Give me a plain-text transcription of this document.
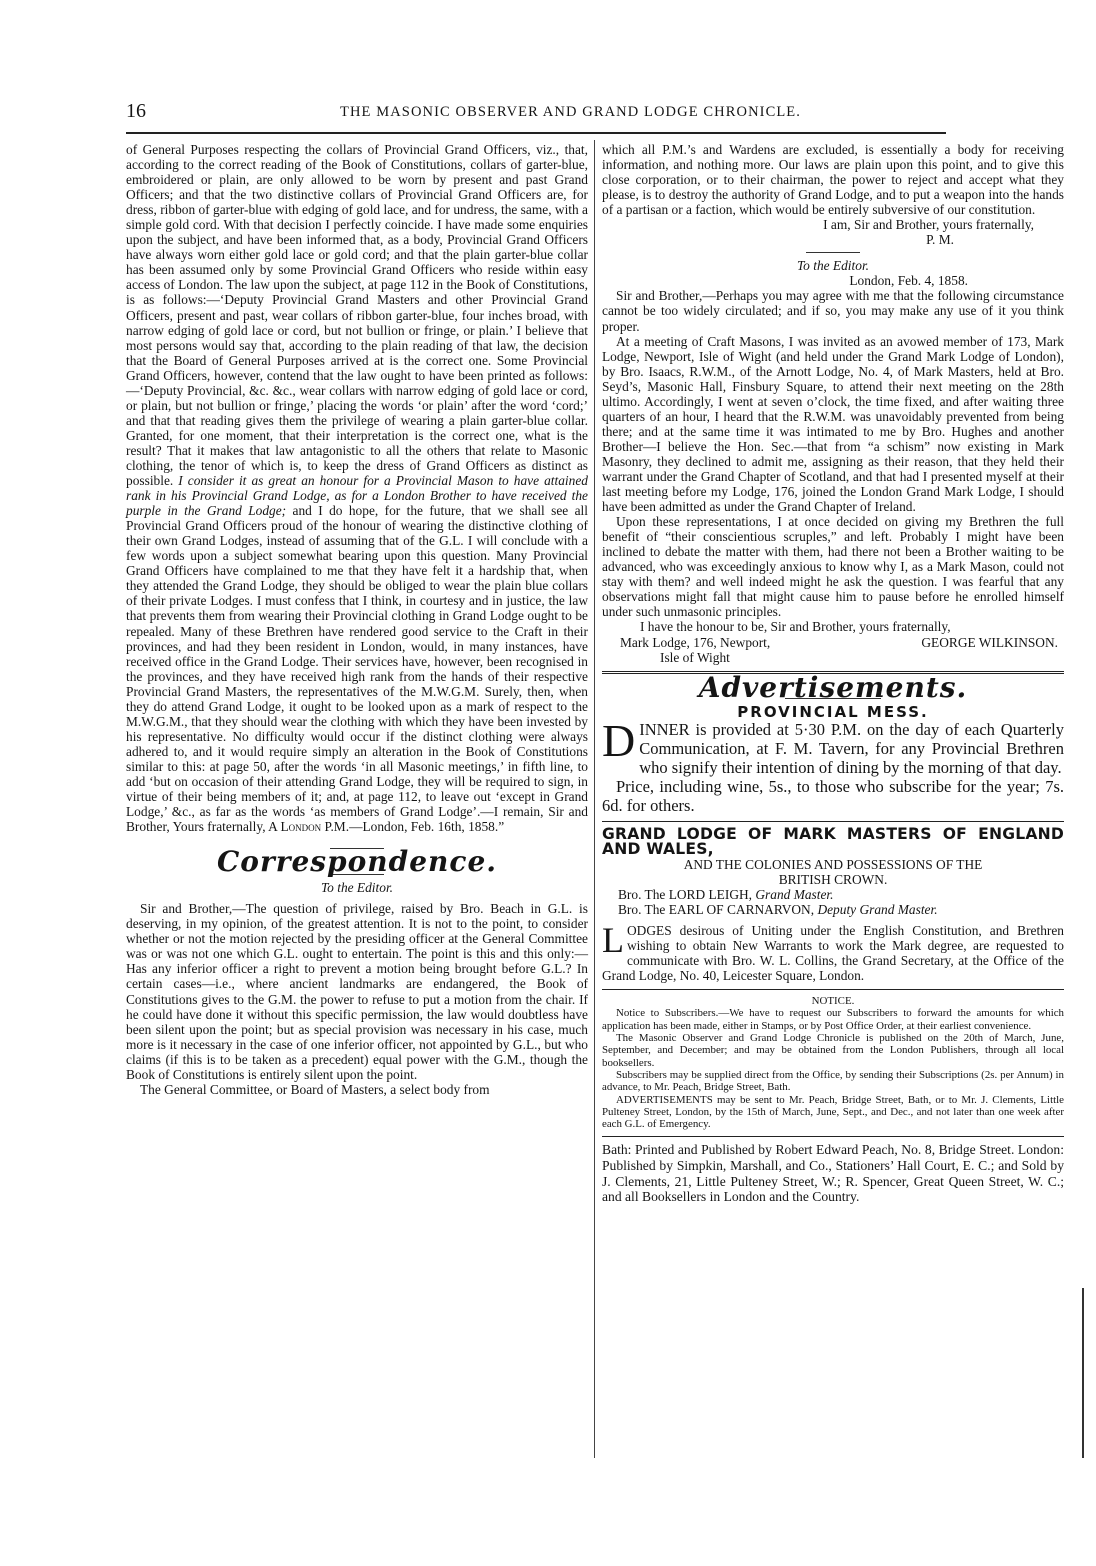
16	THE MASONIC OBSERVER AND GRAND LODGE CHRONICLE.

of General Purposes respecting the collars of Provincial Grand Officers, viz., that, according to the correct reading of the Book of Constitutions, collars of garter-blue, embroidered or plain, are only allowed to be worn by present and past Grand Officers; and that the two distinctive collars of Provincial Grand Officers are, for dress, ribbon of garter-blue with edging of gold lace, and for undress, the same, with a simple gold cord. With that decision I perfectly coincide. I have made some enquiries upon the subject, and have been informed that, as a body, Provincial Grand Officers have always worn either gold lace or gold cord; and that the plain garter-blue collar has been assumed only by some Provincial Grand Officers who reside within easy access of London. The law upon the subject, at page 112 in the Book of Constitutions, is as follows:—‘Deputy Provincial Grand Masters and other Provincial Grand Officers, present and past, wear collars of ribbon garter-blue, four inches broad, with narrow edging of gold lace or cord, but not bullion or fringe, or plain.’ I believe that most persons would say that, according to the plain reading of that law, the decision that the Board of General Purposes arrived at is the correct one. Some Provincial Grand Officers, however, contend that the law ought to have been printed as follows:—‘Deputy Provincial, &c. &c., wear collars with narrow edging of gold lace or cord, or plain, but not bullion or fringe,’ placing the words ‘or plain’ after the word ‘cord;’ and that that reading gives them the privilege of wearing a plain garter-blue collar. Granted, for one moment, that their interpretation is the correct one, what is the result? That it makes that law antagonistic to all the others that relate to Masonic clothing, the tenor of which is, to keep the dress of Grand Officers as distinct as possible. I consider it as great an honour for a Provincial Mason to have attained rank in his Provincial Grand Lodge, as for a London Brother to have received the purple in the Grand Lodge; and I do hope, for the future, that we shall see all Provincial Grand Officers proud of the honour of wearing the distinctive clothing of their own Grand Lodges, instead of assuming that of the G.L. I will conclude with a few words upon a subject somewhat bearing upon this question. Many Provincial Grand Officers have complained to me that they have felt it a hardship that, when they attended the Grand Lodge, they should be obliged to wear the plain blue collars of their private Lodges. I must confess that I think, in courtesy and in justice, the law that prevents them from wearing their Provincial clothing in Grand Lodge ought to be repealed. Many of these Brethren have rendered good service to the Craft in their provinces, and had they been resident in London, would, in many instances, have received office in the Grand Lodge. Their services have, however, been recognised in the provinces, and they have received high rank from the hands of their respective Provincial Grand Masters, the representatives of the M.W.G.M. Surely, then, when they do attend Grand Lodge, it ought to be looked upon as a mark of respect to the M.W.G.M., that they should wear the clothing with which they have been invested by his representative. No difficulty would occur if the distinct clothing were always adhered to, and it would require simply an alteration in the Book of Constitutions similar to this: at page 50, after the words ‘in all Masonic meetings,’ in fifth line, to add ‘but on occasion of their attending Grand Lodge, they will be required to sign, in virtue of their being members of it; and, at page 112, to leave out ‘except in Grand Lodge,’ &c., as far as the words ‘as members of Grand Lodge’.—I remain, Sir and Brother, Yours fraternally, A London P.M.—London, Feb. 16th, 1858.”

Correspondence.

To the Editor.

Sir and Brother,—The question of privilege, raised by Bro. Beach in G.L. is deserving, in my opinion, of the greatest attention. It is not to the point, to consider whether or not the motion rejected by the presiding officer at the General Committee was or was not one which G.L. ought to entertain. The point is this and this only:—Has any inferior officer a right to prevent a motion being brought before G.L.? In certain cases—i.e., where ancient landmarks are endangered, the Book of Constitutions gives to the G.M. the power to refuse to put a motion from the chair. If he could have done it without this specific permission, the law would doubtless have been silent upon the point; but as special provision was necessary in his case, much more is it necessary in the case of one inferior officer, not appointed by G.L., but who claims (if this is to be taken as a precedent) equal power with the G.M., though the Book of Constitutions is entirely silent upon the point.

The General Committee, or Board of Masters, a select body from

which all P.M.’s and Wardens are excluded, is essentially a body for receiving information, and nothing more. Our laws are plain upon this point, and to give this close corporation, or to their chairman, the power to reject and accept what they please, is to destroy the authority of Grand Lodge, and to put a weapon into the hands of a partisan or a faction, which would be entirely subversive of our constitution.

I am, Sir and Brother, yours fraternally,

P. M.

To the Editor.

London, Feb. 4, 1858.

Sir and Brother,—Perhaps you may agree with me that the following circumstance cannot be too widely circulated; and if so, you may make any use of it you think proper.

At a meeting of Craft Masons, I was invited as an avowed member of 173, Mark Lodge, Newport, Isle of Wight (and held under the Grand Mark Lodge of London), by Bro. Isaacs, R.W.M., of the Arnott Lodge, No. 4, of Mark Masters, held at Bro. Seyd’s, Masonic Hall, Finsbury Square, to attend their next meeting on the 28th ultimo. Accordingly, I went at seven o’clock, the time fixed, and after waiting three quarters of an hour, I heard that the R.W.M. was unavoidably prevented from being there; and at the same time it was intimated to me by Bro. Hughes and another Brother—I believe the Hon. Sec.—that from “a schism” now existing in Mark Masonry, they declined to admit me, assigning as their reason, that they held their warrant under the Grand Chapter of Scotland, and that had I presented myself at their last meeting before my Lodge, 176, joined the London Grand Mark Lodge, I should have been admitted as under the Grand Chapter of Ireland.

Upon these representations, I at once decided on giving my Brethren the full benefit of “their conscientious scruples,” and left. Probably I might have been inclined to debate the matter with them, had there not been a Brother waiting to be advanced, who was exceedingly anxious to know why I, as a Mark Mason, could not stay with them? and well indeed might he ask the question. I was fearful that any observations might fall that might cause him to pause before he enrolled himself under such unmasonic principles.

I have the honour to be, Sir and Brother, yours fraternally,

Mark Lodge, 176, Newport,	GEORGE WILKINSON.

Isle of Wight

Advertisements.
PROVINCIAL MESS.

DINNER is provided at 5·30 P.M. on the day of each Quarterly Communication, at F. M. Tavern, for any Provincial Brethren who signify their intention of dining by the morning of that day.

Price, including wine, 5s., to those who subscribe for the year; 7s. 6d. for others.

GRAND LODGE OF MARK MASTERS OF ENGLAND AND WALES,

AND THE COLONIES AND POSSESSIONS OF THE

BRITISH CROWN.

Bro. The LORD LEIGH, Grand Master.

Bro. The EARL OF CARNARVON, Deputy Grand Master.

LODGES desirous of Uniting under the English Constitution, and Brethren wishing to obtain New Warrants to work the Mark degree, are requested to communicate with Bro. W. L. Collins, the Grand Secretary, at the Office of the Grand Lodge, No. 40, Leicester Square, London.

NOTICE.

Notice to Subscribers.—We have to request our Subscribers to forward the amounts for which application has been made, either in Stamps, or by Post Office Order, at their earliest convenience.

The Masonic Observer and Grand Lodge Chronicle is published on the 20th of March, June, September, and December; and may be obtained from the London Publishers, through all local booksellers.

Subscribers may be supplied direct from the Office, by sending their Subscriptions (2s. per Annum) in advance, to Mr. Peach, Bridge Street, Bath.

ADVERTISEMENTS may be sent to Mr. Peach, Bridge Street, Bath, or to Mr. J. Clements, Little Pulteney Street, London, by the 15th of March, June, Sept., and Dec., and not later than one week after each G.L. of Emergency.

Bath: Printed and Published by Robert Edward Peach, No. 8, Bridge Street. London: Published by Simpkin, Marshall, and Co., Stationers’ Hall Court, E. C.; and Sold by J. Clements, 21, Little Pulteney Street, W.; R. Spencer, Great Queen Street, W. C.; and all Booksellers in London and the Country.
